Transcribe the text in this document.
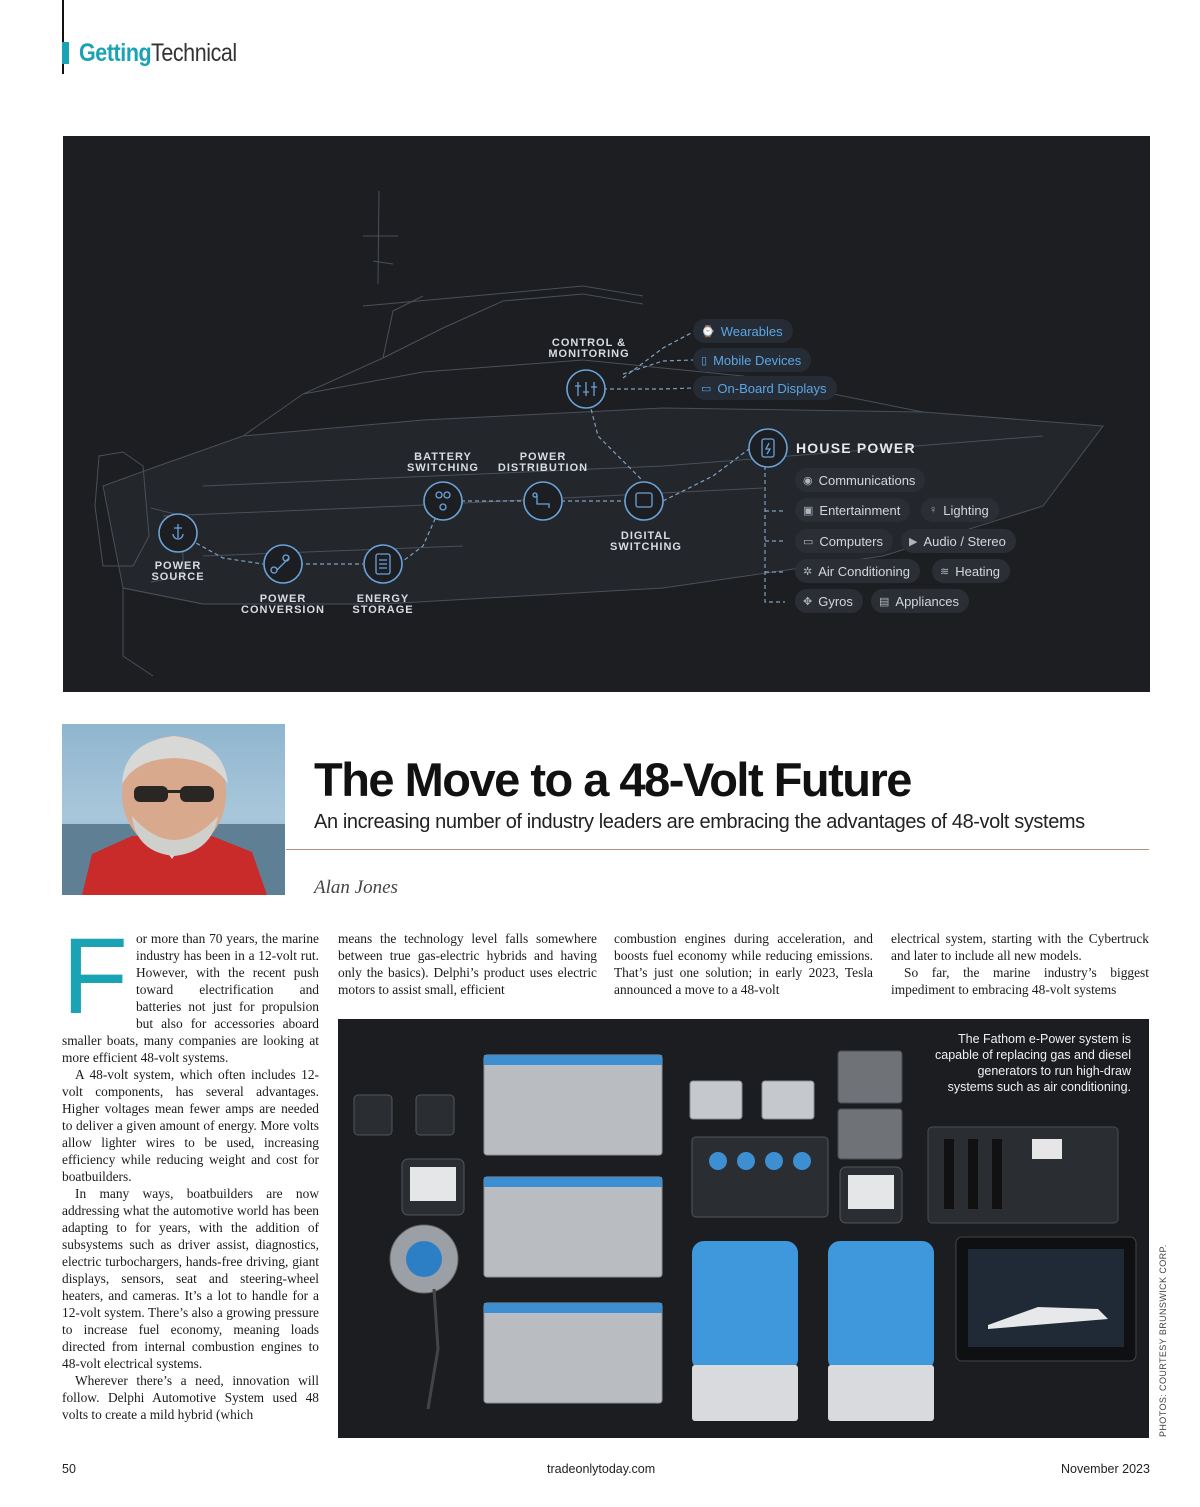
Getting Technical
CONTROL &
MONITORING
BATTERY
SWITCHING
POWER
DISTRIBUTION
DIGITAL
SWITCHING
POWER
SOURCE
POWER
CONVERSION
ENERGY
STORAGE
HOUSE POWER
⌚ Wearables
▯ Mobile Devices
▭ On-Board Displays
◉ Communications
▣ Entertainment	♀ Lighting
▭ Computers ▶ Audio / Stereo
✲ Air Conditioning	≋ Heating
✥ Gyros ▤ Appliances
The Move to a 48-Volt Future
An increasing number of industry leaders are embracing the advantages of 48-volt systems
Alan Jones
F or more than 70 years, the marine industry has been in a 12-volt rut. However, with the recent push toward electrification and batteries not just for propulsion but also for accessories aboard smaller boats, many companies are looking at more efficient 48-volt systems.

A 48-volt system, which often includes 12-volt components, has several advantages. Higher voltages mean fewer amps are needed to deliver a given amount of energy. More volts allow lighter wires to be used, increasing efficiency while reducing weight and cost for boatbuilders.

In many ways, boatbuilders are now addressing what the automotive world has been adapting to for years, with the addition of subsystems such as driver assist, diagnostics, electric turbochargers, hands-free driving, giant displays, sensors, seat and steering-wheel heaters, and cameras. It’s a lot to handle for a 12-volt system. There’s also a growing pressure to increase fuel economy, meaning loads directed from internal combustion engines to 48-volt electrical systems.

Wherever there’s a need, innovation will follow. Delphi Automotive System used 48 volts to create a mild hybrid (which

means the technology level falls somewhere between true gas-electric hybrids and having only the basics). Delphi’s product uses electric motors to assist small, efficient

combustion engines during acceleration, and boosts fuel economy while reducing emissions. That’s just one solution; in early 2023, Tesla announced a move to a 48-volt

electrical system, starting with the Cybertruck and later to include all new models.

So far, the marine industry’s biggest impediment to embracing 48-volt systems

The Fathom e-Power system is capable of replacing gas and diesel generators to run high-draw systems such as air conditioning.
PHOTOS: COURTESY BRUNSWICK CORP.
50	tradeonlytoday.com	November 2023
